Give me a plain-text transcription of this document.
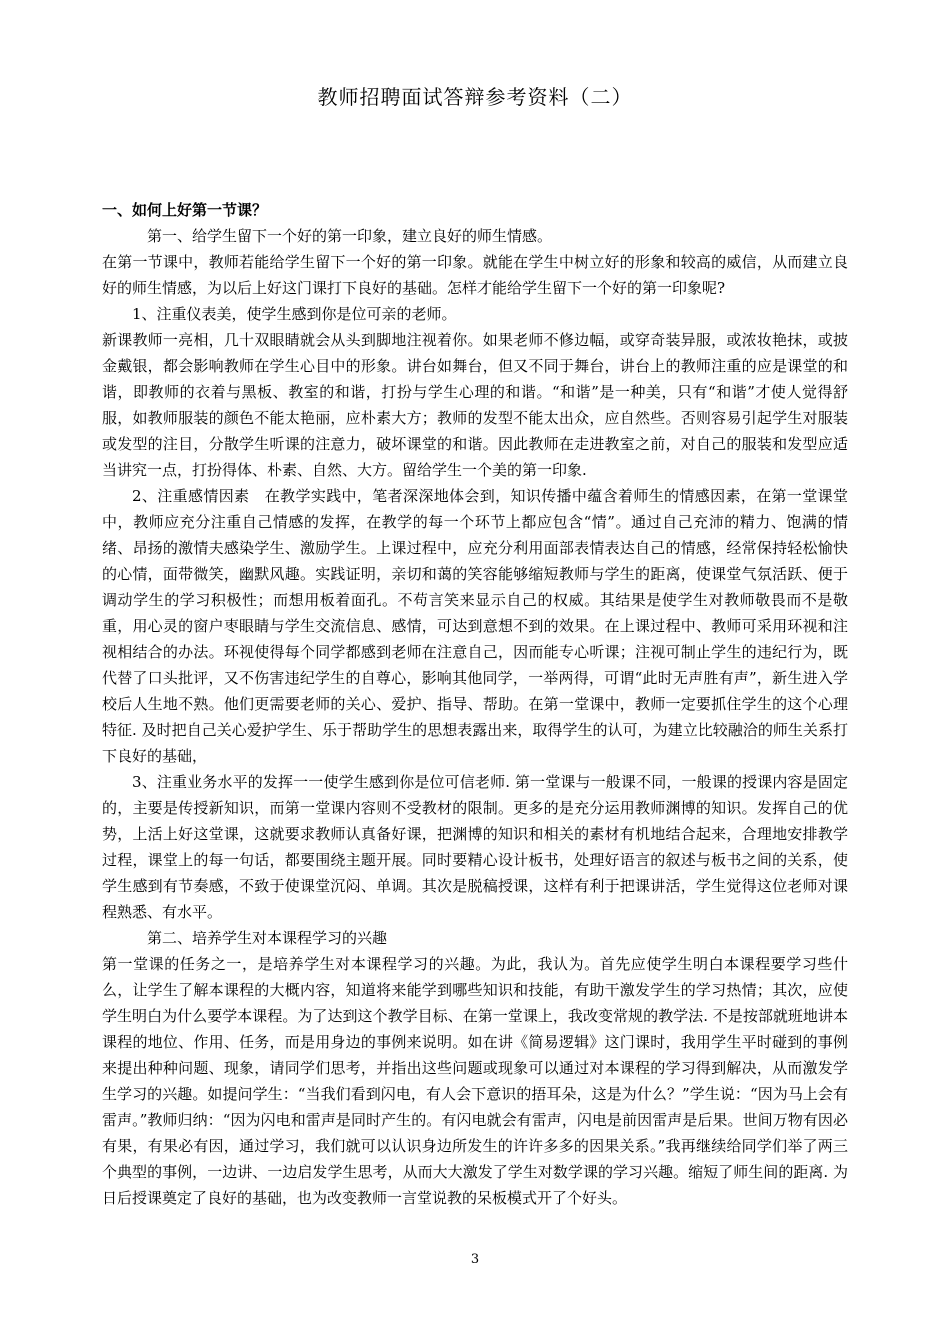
教师招聘面试答辩参考资料（二）

一、如何上好第一节课？

第一、给学生留下一个好的第一印象，建立良好的师生情感。

在第一节课中，教师若能给学生留下一个好的第一印象。就能在学生中树立好的形象和较高的威信，从而建立良好的师生情感，为以后上好这门课打下良好的基础。怎样才能给学生留下一个好的第一印象呢?

1、注重仪表美，使学生感到你是位可亲的老师。

新课教师一亮相，几十双眼睛就会从头到脚地注视着你。如果老师不修边幅，或穿奇装异服，或浓妆艳抹，或披金戴银，都会影响教师在学生心目中的形象。讲台如舞台，但又不同于舞台，讲台上的教师注重的应是课堂的和谐，即教师的衣着与黑板、教室的和谐，打扮与学生心理的和谐。“和谐”是一种美，只有“和谐”才使人觉得舒服，如教师服装的颜色不能太艳丽，应朴素大方；教师的发型不能太出众，应自然些。否则容易引起学生对服装或发型的注目，分散学生听课的注意力，破坏课堂的和谐。因此教师在走进教室之前，对自己的服装和发型应适当讲究一点，打扮得体、朴素、自然、大方。留给学生一个美的第一印象.

2、注重感情因素　在教学实践中，笔者深深地体会到，知识传播中蕴含着师生的情感因素，在第一堂课堂中，教师应充分注重自己情感的发挥，在教学的每一个环节上都应包含“情”。通过自己充沛的精力、饱满的情绪、昂扬的激情夫感染学生、激励学生。上课过程中，应充分利用面部表情表达自己的情感，经常保持轻松愉快的心情，面带微笑，幽默风趣。实践证明，亲切和蔼的笑容能够缩短教师与学生的距离，使课堂气氛活跃、便于调动学生的学习积极性；而想用板着面孔。不苟言笑来显示自己的权威。其结果是使学生对教师敬畏而不是敬重，用心灵的窗户枣眼睛与学生交流信息、感情，可达到意想不到的效果。在上课过程中、教师可采用环视和注视相结合的办法。环视使得每个同学都感到老师在注意自己，因而能专心听课；注视可制止学生的违纪行为，既代替了口头批评，又不伤害违纪学生的自尊心，影响其他同学，一举两得，可谓“此时无声胜有声”，新生进入学校后人生地不熟。他们更需要老师的关心、爱护、指导、帮助。在第一堂课中，教师一定要抓住学生的这个心理特征. 及时把自己关心爱护学生、乐于帮助学生的思想表露出来，取得学生的认可，为建立比较融洽的师生关系打下良好的基础，

3、注重业务水平的发挥一一使学生感到你是位可信老师. 第一堂课与一般课不同，一般课的授课内容是固定的，主要是传授新知识，而第一堂课内容则不受教材的限制。更多的是充分运用教师渊博的知识。发挥自己的优势，上活上好这堂课，这就要求教师认真备好课，把渊博的知识和相关的素材有机地结合起来，合理地安排教学过程，课堂上的每一句话，都要围绕主题开展。同时要精心设计板书，处理好语言的叙述与板书之间的关系，使学生感到有节奏感，不致于使课堂沉闷、单调。其次是脱稿授课，这样有利于把课讲活，学生觉得这位老师对课程熟悉、有水平。

第二、培养学生对本课程学习的兴趣

第一堂课的任务之一，是培养学生对本课程学习的兴趣。为此，我认为。首先应使学生明白本课程要学习些什么，让学生了解本课程的大概内容，知道将来能学到哪些知识和技能，有助干激发学生的学习热情；其次，应使学生明白为什么要学本课程。为了达到这个教学目标、在第一堂课上，我改变常规的教学法. 不是按部就班地讲本课程的地位、作用、任务，而是用身边的事例来说明。如在讲《简易逻辑》这门课时，我用学生平时碰到的事例来提出种种问题、现象，请同学们思考，并指出这些问题或现象可以通过对本课程的学习得到解决，从而激发学生学习的兴趣。如提问学生：“当我们看到闪电，有人会下意识的捂耳朵，这是为什么？”学生说：“因为马上会有雷声。”教师归纳：“因为闪电和雷声是同时产生的。有闪电就会有雷声，闪电是前因雷声是后果。世间万物有因必有果，有果必有因，通过学习，我们就可以认识身边所发生的许许多多的因果关系。”我再继续给同学们举了两三个典型的事例，一边讲、一边启发学生思考，从而大大激发了学生对数学课的学习兴趣。缩短了师生间的距离. 为日后授课奠定了良好的基础，也为改变教师一言堂说教的呆板模式开了个好头。

3
